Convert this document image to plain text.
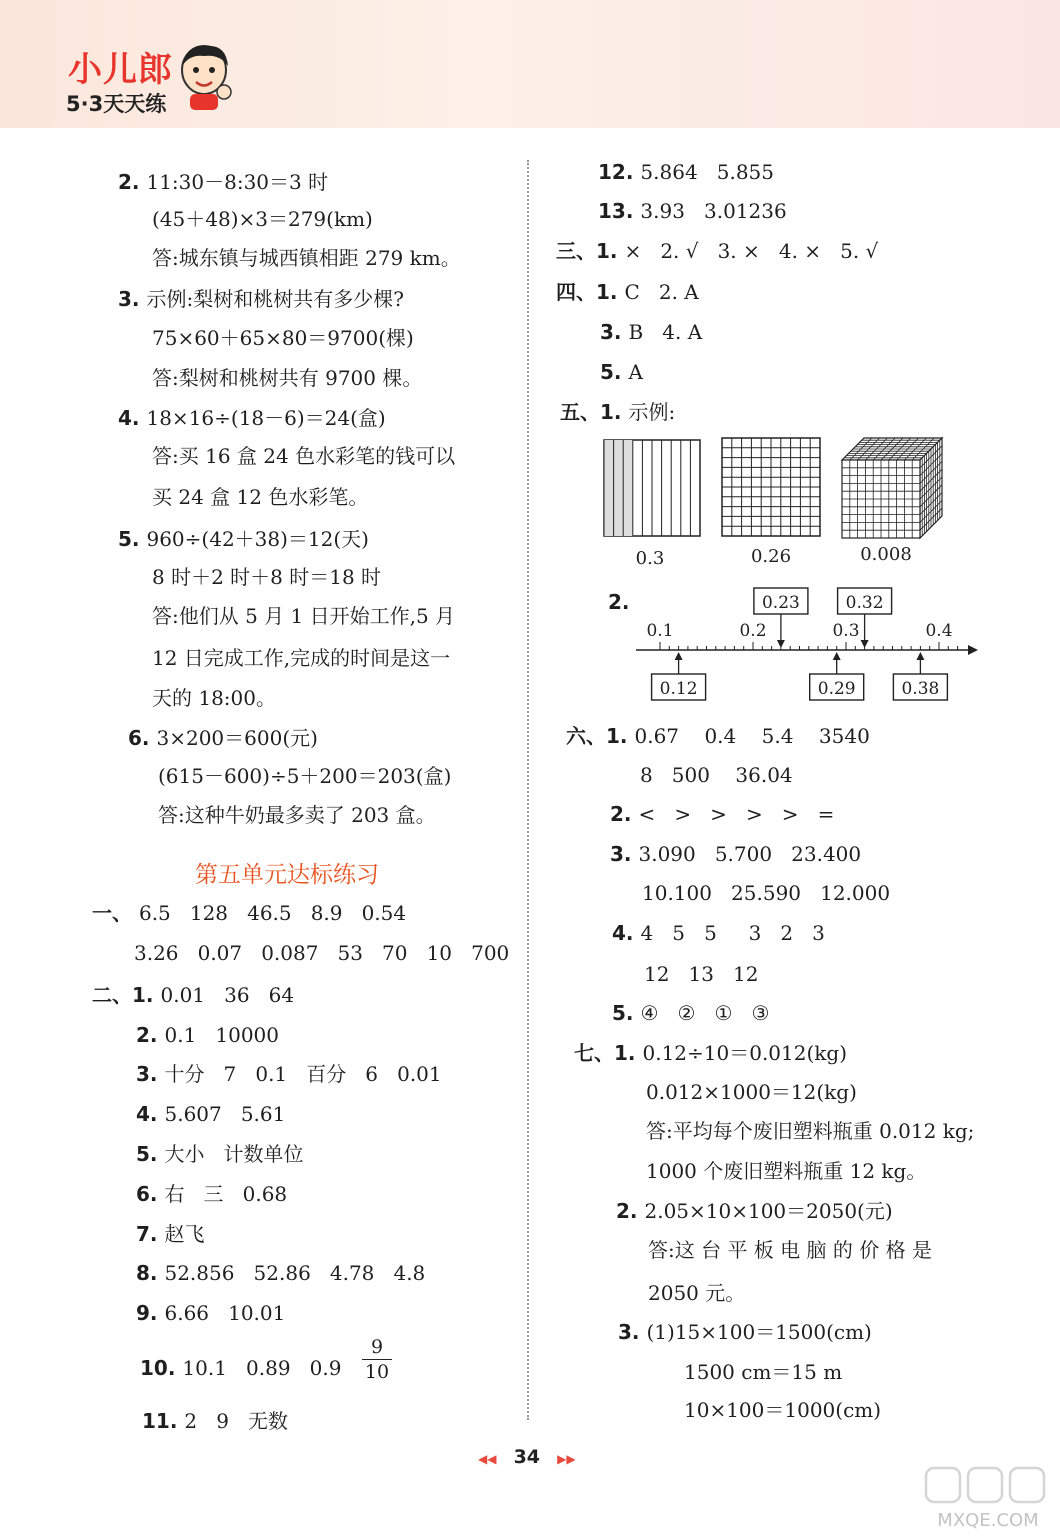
小儿郎
5·3天天练
2. 11:30－8:30＝3 时
(45＋48)×3＝279(km)
答:城东镇与城西镇相距 279 km。
3. 示例:梨树和桃树共有多少棵?
75×60＋65×80＝9700(棵)
答:梨树和桃树共有 9700 棵。
4. 18×16÷(18－6)＝24(盒)
答:买 16 盒 24 色水彩笔的钱可以
买 24 盒 12 色水彩笔。
5. 960÷(42＋38)＝12(天)
8 时＋2 时＋8 时＝18 时
答:他们从 5 月 1 日开始工作,5 月
12 日完成工作,完成的时间是这一
天的 18:00。
6. 3×200＝600(元)
(615－600)÷5＋200＝203(盒)
答:这种牛奶最多卖了 203 盒。
一、 6.5   128   46.5   8.9   0.54
3.26   0.07   0.087   53   70   10   700
二、1. 0.01   36   64
2. 0.1   10000
3. 十分   7   0.1   百分   6   0.01
4. 5.607   5.61
5. 大小   计数单位
6. 右   三   0.68
7. 赵飞
8. 52.856   52.86   4.78   4.8
9. 6.66   10.01
10. 10.1   0.89   0.9
11. 2   9   无数
12. 5.864   5.855
13. 3.93   3.01236
三、1. ×   2. √   3. ×   4. ×   5. √
四、1. C   2. A
3. B   4. A
5. A
五、1. 示例:
六、1. 0.67    0.4    5.4    3540
8   500    36.04
2. <   >   >   >   >   =
3. 3.090   5.700   23.400
10.100   25.590   12.000
4. 4   5   5     3   2   3
12   13   12
5. ④   ②   ①   ③
七、1. 0.12÷10＝0.012(kg)
0.012×1000＝12(kg)
答:平均每个废旧塑料瓶重 0.012 kg;
1000 个废旧塑料瓶重 12 kg。
2. 2.05×10×100＝2050(元)
答:这 台 平 板 电 脑 的 价 格 是
2050 元。
3. (1)15×100＝1500(cm)
1500 cm＝15 m
10×100＝1000(cm)
第五单元达标练习
9
10
0.3	0.26	0.008
2.
0.1	0.2	0.3	0.4
0.23	0.32
0.12	0.29	0.38
◀◀ 34 ▶▶
MXQE.COM
